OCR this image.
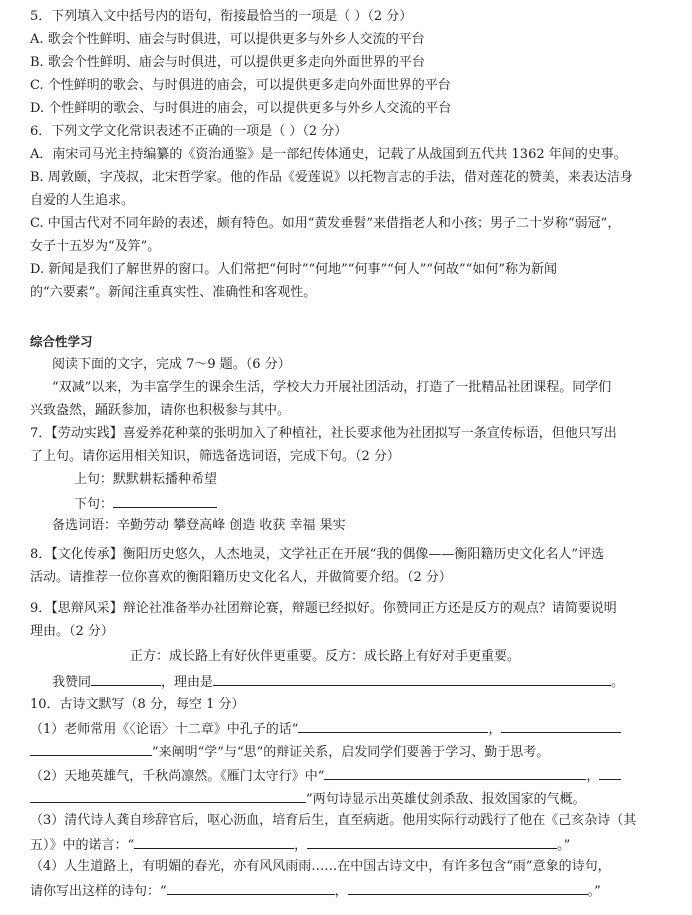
5．下列填入文中括号内的语句，衔接最恰当的一项是（ ）（2 分）
A. 歌会个性鲜明、庙会与时俱进，可以提供更多与外乡人交流的平台
B. 歌会个性鲜明、庙会与时俱进，可以提供更多走向外面世界的平台
C. 个性鲜明的歌会、与时俱进的庙会，可以提供更多走向外面世界的平台
D. 个性鲜明的歌会、与时俱进的庙会，可以提供更多与外乡人交流的平台
6．下列文学文化常识表述不正确的一项是（ ）（2 分）
A．南宋司马光主持编纂的《资治通鉴》是一部纪传体通史，记载了从战国到五代共 1362 年间的史事。
B. 周敦颐，字茂叔，北宋哲学家。他的作品《爱莲说》以托物言志的手法，借对莲花的赞美，来表达洁身
自爱的人生追求。
C. 中国古代对不同年龄的表述，颇有特色。如用“黄发垂髫”来借指老人和小孩；男子二十岁称“弱冠”，
女子十五岁为“及笄”。
D. 新闻是我们了解世界的窗口。人们常把“何时”“何地”“何事”“何人”“何故”“如何”称为新闻
的“六要素”。新闻注重真实性、准确性和客观性。
综合性学习
阅读下面的文字，完成 7～9 题。（6 分）
“双减”以来，为丰富学生的课余生活，学校大力开展社团活动，打造了一批精品社团课程。同学们
兴致盎然，踊跃参加，请你也积极参与其中。
7．【劳动实践】喜爱养花种菜的张明加入了种植社，社长要求他为社团拟写一条宣传标语，但他只写出
了上句。请你运用相关知识，筛选备选词语，完成下句。（2 分）
上句：默默耕耘播种希望
下句：
备选词语：辛勤劳动 攀登高峰 创造 收获 幸福 果实
8．【文化传承】衡阳历史悠久，人杰地灵，文学社正在开展“我的偶像——衡阳籍历史文化名人”评选
活动。请推荐一位你喜欢的衡阳籍历史文化名人，并做简要介绍。（2 分）
9．【思辩风采】辩论社准备举办社团辩论赛，辩题已经拟好。你赞同正方还是反方的观点？请简要说明
理由。（2 分）
正方：成长路上有好伙伴更重要。反方：成长路上有好对手更重要。
我赞同	，理由是	。
10．古诗文默写（8 分，每空 1 分）
（1）老师常用《〈论语〉十二章》中孔子的话“	，
”来阐明“学”与“思”的辩证关系，启发同学们要善于学习、勤于思考。
（2）天地英雄气，千秋尚凛然。《雁门太守行》中“	，
”两句诗显示出英雄仗剑杀敌、报效国家的气概。
（3）清代诗人龚自珍辞官后，呕心沥血，培育后生，直至病逝。他用实际行动践行了他在《己亥杂诗（其
五）》中的诺言：“	，	。”
（4）人生道路上，有明媚的春光，亦有风风雨雨……在中国古诗文中，有许多包含“雨”意象的诗句，
请你写出这样的诗句：“	，	。”
